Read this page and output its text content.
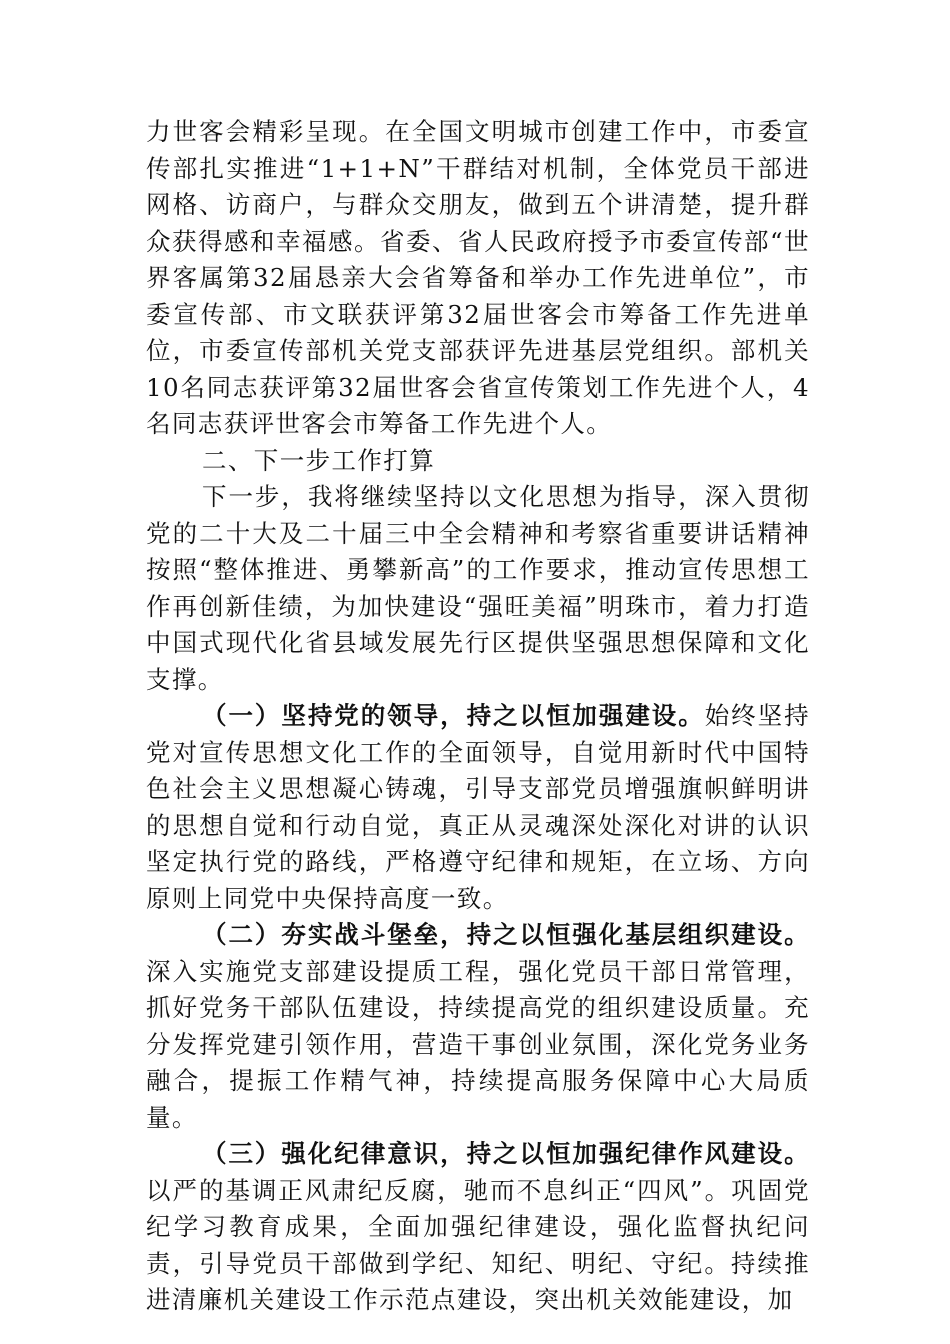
力世客会精彩呈现。在全国文明城市创建工作中，市委宣传部扎实推进“1+1+N”干群结对机制，全体党员干部进网格、访商户，与群众交朋友，做到五个讲清楚，提升群众获得感和幸福感。省委、省人民政府授予市委宣传部“世界客属第32届恳亲大会省筹备和举办工作先进单位”，市委宣传部、市文联获评第32届世客会市筹备工作先进单位，市委宣传部机关党支部获评先进基层党组织。部机关10名同志获评第32届世客会省宣传策划工作先进个人，4名同志获评世客会市筹备工作先进个人。

二、下一步工作打算

下一步，我将继续坚持以文化思想为指导，深入贯彻党的二十大及二十届三中全会精神和考察省重要讲话精神按照“整体推进、勇攀新高”的工作要求，推动宣传思想工作再创新佳绩，为加快建设“强旺美福”明珠市，着力打造中国式现代化省县域发展先行区提供坚强思想保障和文化支撑。

（一）坚持党的领导，持之以恒加强建设。始终坚持党对宣传思想文化工作的全面领导，自觉用新时代中国特色社会主义思想凝心铸魂，引导支部党员增强旗帜鲜明讲的思想自觉和行动自觉，真正从灵魂深处深化对讲的认识坚定执行党的路线，严格遵守纪律和规矩，在立场、方向原则上同党中央保持高度一致。

（二）夯实战斗堡垒，持之以恒强化基层组织建设。深入实施党支部建设提质工程，强化党员干部日常管理，抓好党务干部队伍建设，持续提高党的组织建设质量。充分发挥党建引领作用，营造干事创业氛围，深化党务业务融合，提振工作精气神，持续提高服务保障中心大局质量。

（三）强化纪律意识，持之以恒加强纪律作风建设。以严的基调正风肃纪反腐，驰而不息纠正“四风”。巩固党纪学习教育成果，全面加强纪律建设，强化监督执纪问责，引导党员干部做到学纪、知纪、明纪、守纪。持续推进清廉机关建设工作示范点建设，突出机关效能建设，加
